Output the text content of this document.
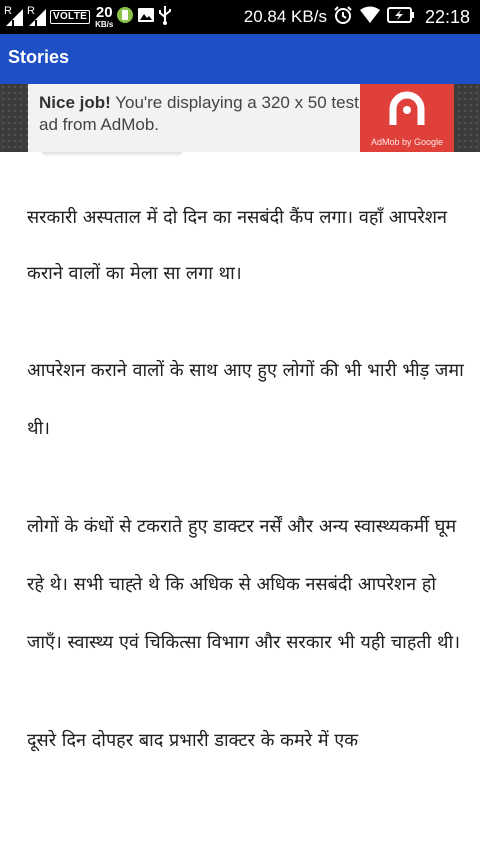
R R	VOLTE 20
KB/s	20.84 KB/s	22:18
Stories
Nice job! You're displaying a 320 x 50 test ad from AdMob.
AdMob by Google

सरकारी अस्पताल में दो दिन का नसबंदी कैंप लगा। वहाँ आपरेशन कराने वालों का मेला सा लगा था।

आपरेशन कराने वालों के साथ आए हुए लोगों की भी भारी भीड़ जमा थी।

लोगों के कंधों से टकराते हुए डाक्टर नर्सें और अन्य स्वास्थ्यकर्मी घूम रहे थे। सभी चाह्ते थे कि अधिक से अधिक नसबंदी आपरेशन हो जाएँ। स्वास्थ्य एवं चिकित्सा विभाग और सरकार भी यही चाहती थी।

दूसरे दिन दोपहर बाद प्रभारी डाक्टर के कमरे में एक
